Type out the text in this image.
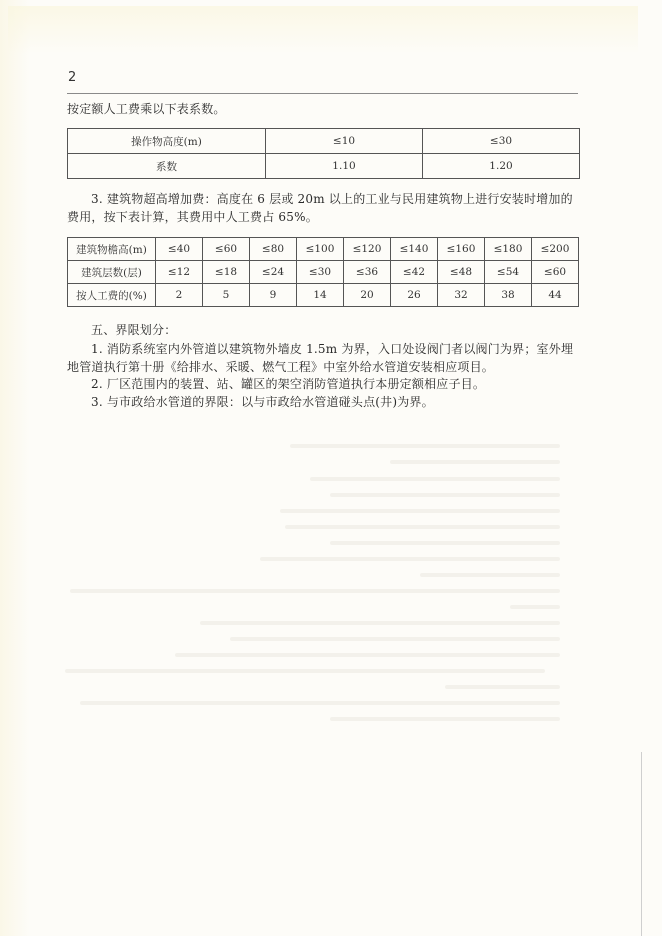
2
按定额人工费乘以下表系数。
操作物高度(m)	≤10	≤30
系数	1.10	1.20
3. 建筑物超高增加费：高度在 6 层或 20m 以上的工业与民用建筑物上进行安装时增加的费用，按下表计算，其费用中人工费占 65%。
建筑物檐高(m)	≤40	≤60	≤80	≤100	≤120	≤140	≤160	≤180	≤200
建筑层数(层)	≤12	≤18	≤24	≤30	≤36	≤42	≤48	≤54	≤60
按人工费的(%)	2	5	9	14	20	26	32	38	44
五、界限划分：
1. 消防系统室内外管道以建筑物外墙皮 1.5m 为界，入口处设阀门者以阀门为界；室外埋地管道执行第十册《给排水、采暖、燃气工程》中室外给水管道安装相应项目。
2. 厂区范围内的装置、站、罐区的架空消防管道执行本册定额相应子目。
3. 与市政给水管道的界限：以与市政给水管道碰头点(井)为界。
